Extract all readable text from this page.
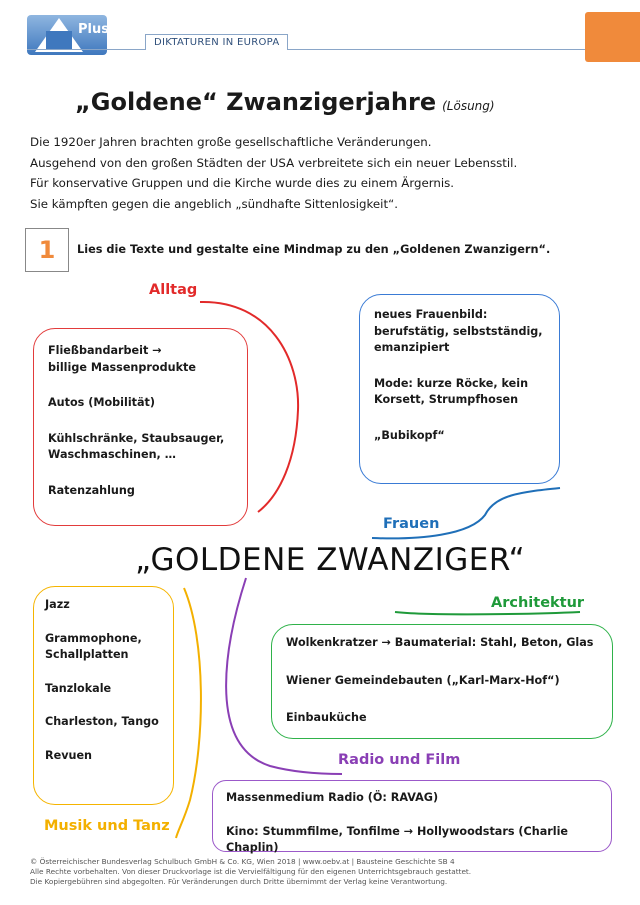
Plus
DIKTATUREN IN EUROPA
„Goldene“ Zwanzigerjahre (Lösung)
Die 1920er Jahren brachten große gesellschaftliche Veränderungen.
Ausgehend von den großen Städten der USA verbreitete sich ein neuer Lebensstil.
Für konservative Gruppen und die Kirche wurde dies zu einem Ärgernis.
Sie kämpften gegen die angeblich „sündhafte Sittenlosigkeit“.
1	Lies die Texte und gestalte eine Mindmap zu den „Goldenen Zwanzigern“.
Alltag
Frauen
Architektur
Radio und Film
Musik und Tanz
„GOLDENE ZWANZIGER“
Fließbandarbeit →
billige Massenprodukte
Autos (Mobilität)
Kühlschränke, Staubsauger, Waschmaschinen, …
Ratenzahlung
neues Frauenbild: berufstätig, selbstständig, emanzipiert
Mode: kurze Röcke, kein Korsett, Strumpfhosen
„Bubikopf“
Jazz
Grammophone, Schallplatten
Tanzlokale
Charleston, Tango
Revuen
Wolkenkratzer → Baumaterial: Stahl, Beton, Glas
Wiener Gemeindebauten („Karl-Marx-Hof“)
Einbauküche
Massenmedium Radio (Ö: RAVAG)
Kino: Stummfilme, Tonfilme → Hollywoodstars (Charlie Chaplin)
© Österreichischer Bundesverlag Schulbuch GmbH & Co. KG, Wien 2018 | www.oebv.at | Bausteine Geschichte SB 4
Alle Rechte vorbehalten. Von dieser Druckvorlage ist die Vervielfältigung für den eigenen Unterrichtsgebrauch gestattet.
Die Kopiergebühren sind abgegolten. Für Veränderungen durch Dritte übernimmt der Verlag keine Verantwortung.
